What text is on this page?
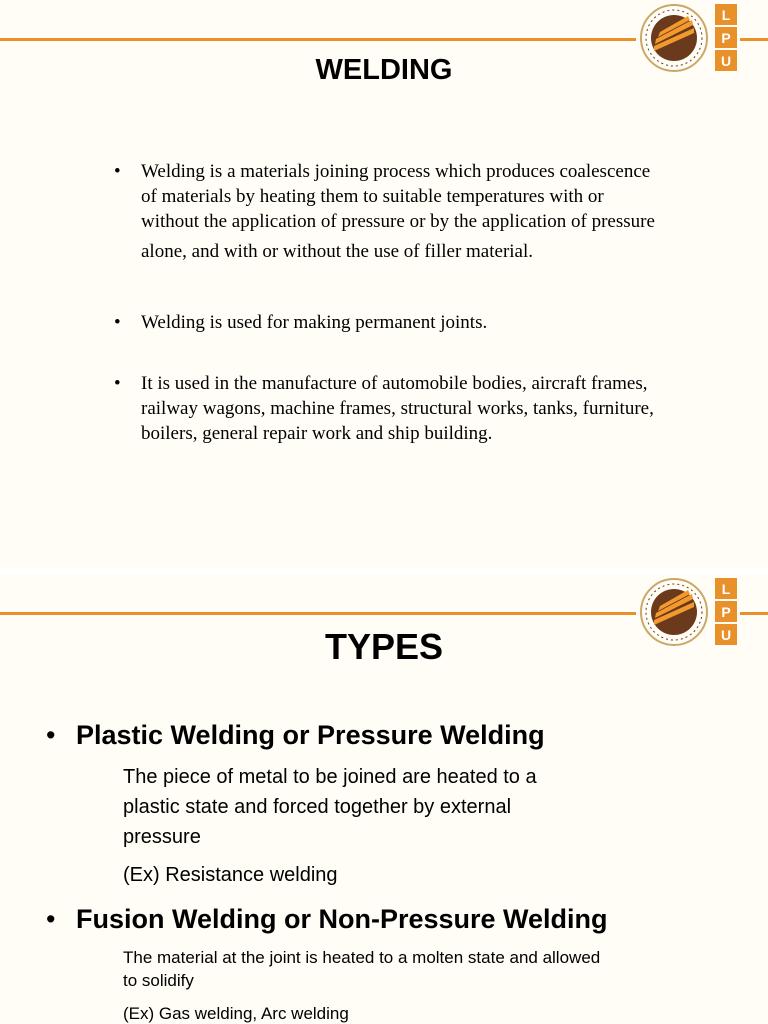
L
P
U
WELDING
• Welding is a materials joining process which produces coalescence
of materials by heating them to suitable temperatures with or
without the application of pressure or by the application of pressure
alone, and with or without the use of filler material.
• Welding is used for making permanent joints.
• It is used in the manufacture of automobile bodies, aircraft frames,
railway wagons, machine frames, structural works, tanks, furniture,
boilers, general repair work and ship building.
L
P
U
TYPES
• Plastic Welding or Pressure Welding
The piece of metal to be joined are heated to a
plastic state and forced together by external
pressure
(Ex) Resistance welding
• Fusion Welding or Non-Pressure Welding
The material at the joint is heated to a molten state and allowed
to solidify
(Ex) Gas welding, Arc welding
